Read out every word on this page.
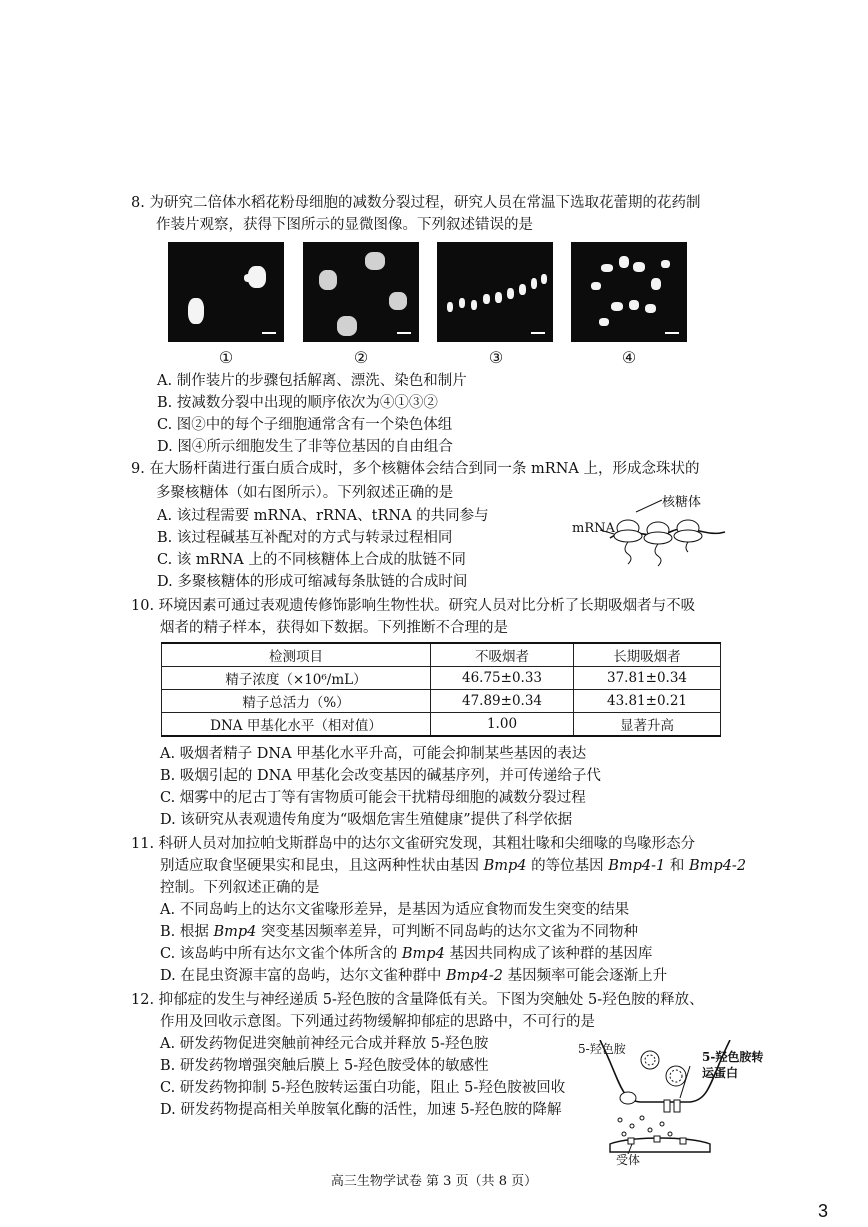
8. 为研究二倍体水稻花粉母细胞的减数分裂过程，研究人员在常温下选取花蕾期的花药制
作装片观察，获得下图所示的显微图像。下列叙述错误的是
①	②	③	④
A. 制作装片的步骤包括解离、漂洗、染色和制片
B. 按减数分裂中出现的顺序依次为④①③②
C. 图②中的每个子细胞通常含有一个染色体组
D. 图④所示细胞发生了非等位基因的自由组合
9. 在大肠杆菌进行蛋白质合成时，多个核糖体会结合到同一条 mRNA 上，形成念珠状的
多聚核糖体（如右图所示）。下列叙述正确的是
A. 该过程需要 mRNA、rRNA、tRNA 的共同参与
B. 该过程碱基互补配对的方式与转录过程相同
C. 该 mRNA 上的不同核糖体上合成的肽链不同
D. 多聚核糖体的形成可缩减每条肽链的合成时间
核糖体
mRNA
10. 环境因素可通过表观遗传修饰影响生物性状。研究人员对比分析了长期吸烟者与不吸
烟者的精子样本，获得如下数据。下列推断不合理的是
检测项目	不吸烟者	长期吸烟者
精子浓度（×10⁶/mL）	46.75±0.33	37.81±0.34
精子总活力（%）	47.89±0.34	43.81±0.21
DNA 甲基化水平（相对值）	1.00	显著升高
A. 吸烟者精子 DNA 甲基化水平升高，可能会抑制某些基因的表达
B. 吸烟引起的 DNA 甲基化会改变基因的碱基序列，并可传递给子代
C. 烟雾中的尼古丁等有害物质可能会干扰精母细胞的减数分裂过程
D. 该研究从表观遗传角度为“吸烟危害生殖健康”提供了科学依据
11. 科研人员对加拉帕戈斯群岛中的达尔文雀研究发现，其粗壮喙和尖细喙的鸟喙形态分
别适应取食坚硬果实和昆虫，且这两种性状由基因 Bmp4 的等位基因 Bmp4-1 和 Bmp4-2
控制。下列叙述正确的是
A. 不同岛屿上的达尔文雀喙形差异，是基因为适应食物而发生突变的结果
B. 根据 Bmp4 突变基因频率差异，可判断不同岛屿的达尔文雀为不同物种
C. 该岛屿中所有达尔文雀个体所含的 Bmp4 基因共同构成了该种群的基因库
D. 在昆虫资源丰富的岛屿，达尔文雀种群中 Bmp4-2 基因频率可能会逐渐上升
12. 抑郁症的发生与神经递质 5-羟色胺的含量降低有关。下图为突触处 5-羟色胺的释放、
作用及回收示意图。下列通过药物缓解抑郁症的思路中，不可行的是
A. 研发药物促进突触前神经元合成并释放 5-羟色胺
B. 研发药物增强突触后膜上 5-羟色胺受体的敏感性
C. 研发药物抑制 5-羟色胺转运蛋白功能，阻止 5-羟色胺被回收
D. 研发药物提高相关单胺氧化酶的活性，加速 5-羟色胺的降解
5-羟色胺
5-羟色胺转
运蛋白
受体
高三生物学试卷 第 3 页（共 8 页）
3
